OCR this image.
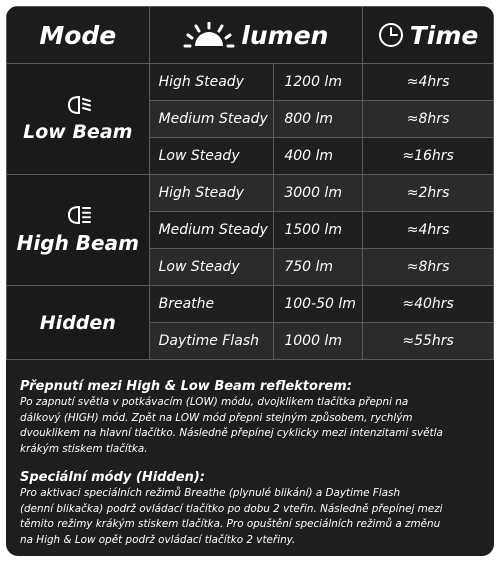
Mode	lumen		Time

Low Beam	High Steady	1200 lm	≈4hrs
	Medium Steady	800 lm	≈8hrs
	Low Steady	400 lm	≈16hrs

High Beam	High Steady	3000 lm	≈2hrs
	Medium Steady	1500 lm	≈4hrs
	Low Steady	750 lm	≈8hrs
Hidden	Breathe	100-50 lm	≈40hrs
	Daytime Flash	1000 lm	≈55hrs
Přepnutí mezi High & Low Beam reflektorem:
Po zapnutí světla v potkávacím (LOW) módu, dvojklikem tlačítka přepni na
dálkový (HIGH) mód. Zpět na LOW mód přepni stejným způsobem, rychlým
dvouklikem na hlavní tlačítko. Následně přepínej cyklicky mezi intenzitami světla
krákým stiskem tlačítka.
Speciální módy (Hidden):
Pro aktivaci speciálních režimů Breathe (plynulé blikání) a Daytime Flash
(denní blikačka) podrž ovládací tlačítko po dobu 2 vteřin. Následně přepínej mezi
těmito režimy krákým stiskem tlačítka. Pro opuštění speciálních režimů a změnu
na High & Low opět podrž ovládací tlačítko 2 vteřiny.
